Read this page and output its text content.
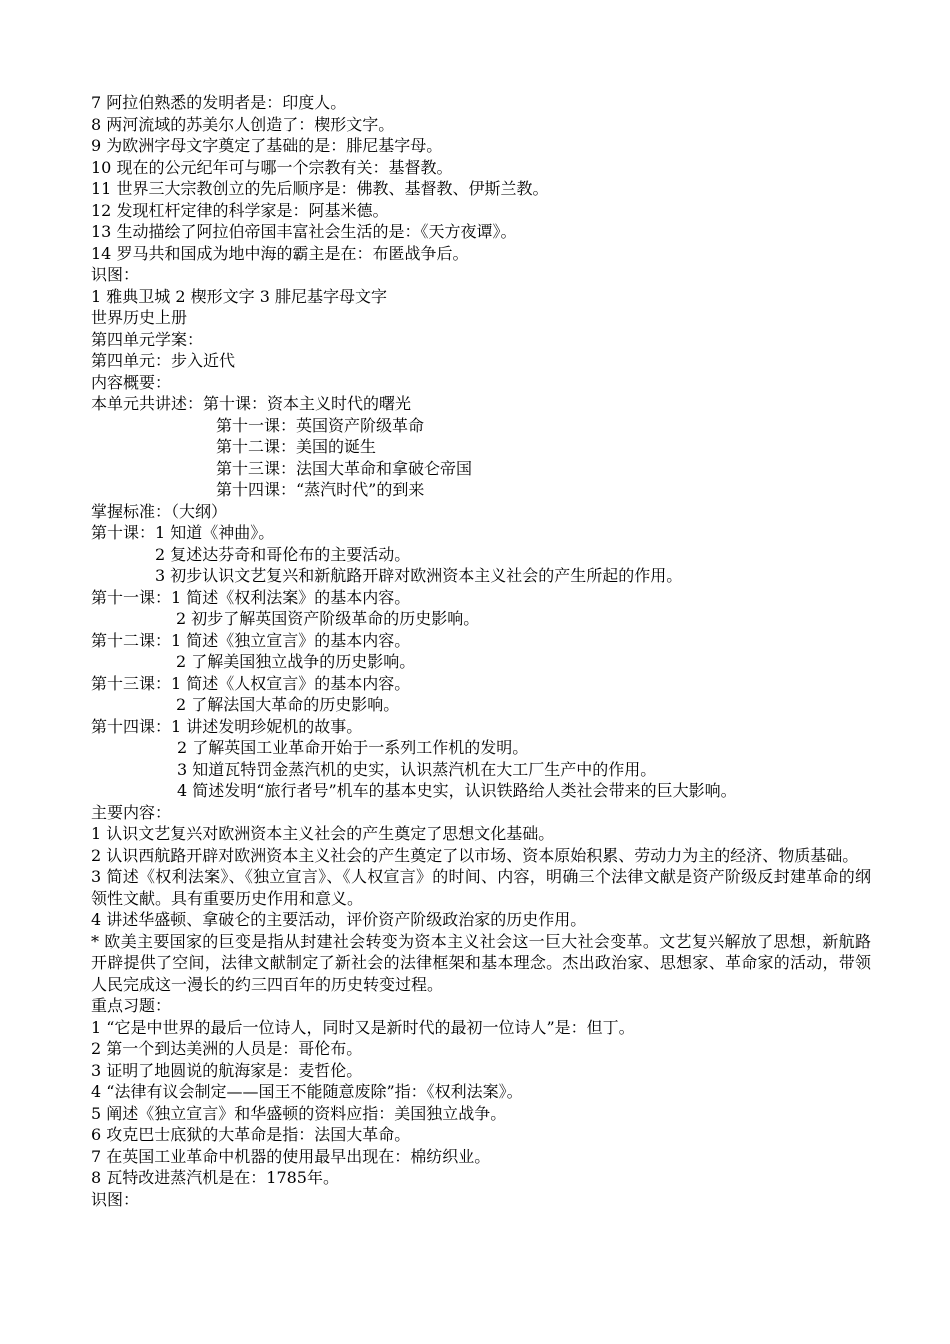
7 阿拉伯熟悉的发明者是：印度人。
8 两河流域的苏美尔人创造了：楔形文字。
9 为欧洲字母文字奠定了基础的是：腓尼基字母。
10 现在的公元纪年可与哪一个宗教有关：基督教。
11 世界三大宗教创立的先后顺序是：佛教、基督教、伊斯兰教。
12 发现杠杆定律的科学家是：阿基米德。
13 生动描绘了阿拉伯帝国丰富社会生活的是：《天方夜谭》。
14 罗马共和国成为地中海的霸主是在：布匿战争后。
识图：
1 雅典卫城 2 楔形文字 3 腓尼基字母文字
世界历史上册
第四单元学案：
第四单元：步入近代
内容概要：
本单元共讲述：第十课：资本主义时代的曙光
第十一课：英国资产阶级革命
第十二课：美国的诞生
第十三课：法国大革命和拿破仑帝国
第十四课：“蒸汽时代”的到来
掌握标准：（大纲）
第十课：1 知道《神曲》。
2 复述达芬奇和哥伦布的主要活动。
3 初步认识文艺复兴和新航路开辟对欧洲资本主义社会的产生所起的作用。
第十一课：1 简述《权利法案》的基本内容。
2 初步了解英国资产阶级革命的历史影响。
第十二课：1 简述《独立宣言》的基本内容。
2 了解美国独立战争的历史影响。
第十三课：1 简述《人权宣言》的基本内容。
2 了解法国大革命的历史影响。
第十四课：1 讲述发明珍妮机的故事。
2 了解英国工业革命开始于一系列工作机的发明。
3 知道瓦特罚金蒸汽机的史实，认识蒸汽机在大工厂生产中的作用。
4 简述发明“旅行者号”机车的基本史实，认识铁路给人类社会带来的巨大影响。
主要内容：
1 认识文艺复兴对欧洲资本主义社会的产生奠定了思想文化基础。
2 认识西航路开辟对欧洲资本主义社会的产生奠定了以市场、资本原始积累、劳动力为主的经济、物质基础。
3 简述《权利法案》、《独立宣言》、《人权宣言》的时间、内容，明确三个法律文献是资产阶级反封建革命的纲领性文献。具有重要历史作用和意义。
4 讲述华盛顿、拿破仑的主要活动，评价资产阶级政治家的历史作用。
* 欧美主要国家的巨变是指从封建社会转变为资本主义社会这一巨大社会变革。文艺复兴解放了思想，新航路开辟提供了空间，法律文献制定了新社会的法律框架和基本理念。杰出政治家、思想家、革命家的活动，带领人民完成这一漫长的约三四百年的历史转变过程。
重点习题：
1 “它是中世界的最后一位诗人，同时又是新时代的最初一位诗人”是：但丁。
2 第一个到达美洲的人员是：哥伦布。
3 证明了地圆说的航海家是：麦哲伦。
4 “法律有议会制定——国王不能随意废除”指：《权利法案》。
5 阐述《独立宣言》和华盛顿的资料应指：美国独立战争。
6 攻克巴士底狱的大革命是指：法国大革命。
7 在英国工业革命中机器的使用最早出现在：棉纺织业。
8 瓦特改进蒸汽机是在：1785年。
识图：
